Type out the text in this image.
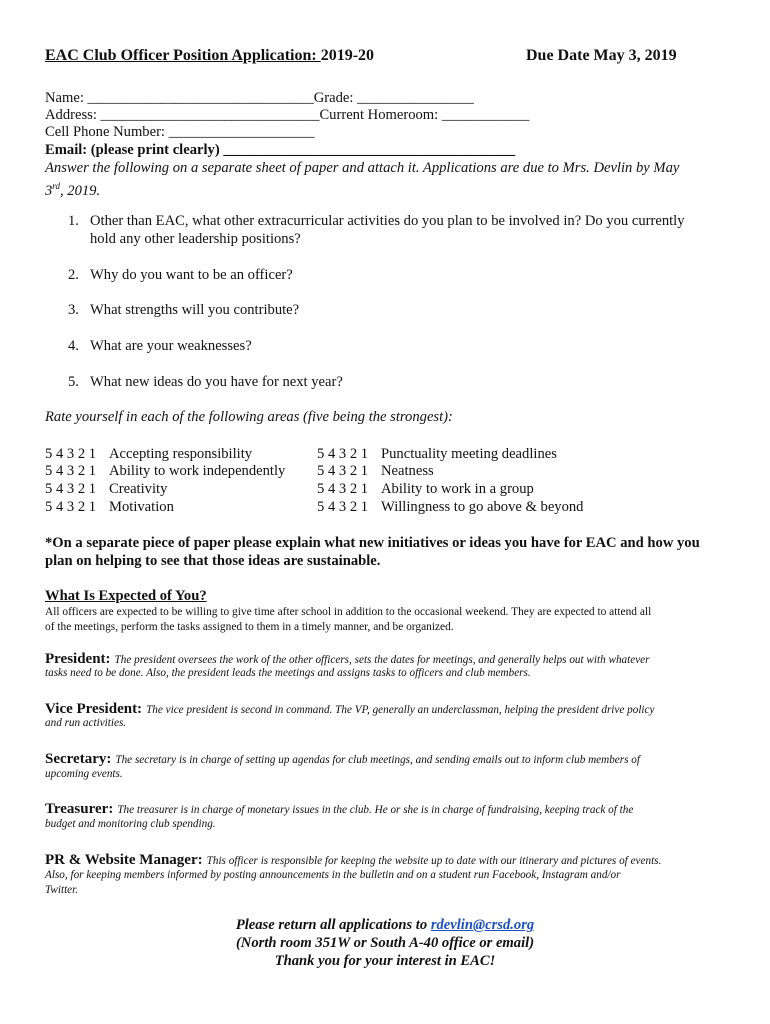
EAC Club Officer Position Application: 2019-20	Due Date May 3, 2019
Name: _______________________________Grade: ________________
Address: ______________________________Current Homeroom: ____________
Cell Phone Number: ____________________
Email: (please print clearly) ________________________________________
Answer the following on a separate sheet of paper and attach it. Applications are due to Mrs. Devlin by May
3rd, 2019.
1. Other than EAC, what other extracurricular activities do you plan to be involved in? Do you currently
hold any other leadership positions?
2. Why do you want to be an officer?
3. What strengths will you contribute?
4. What are your weaknesses?
5. What new ideas do you have for next year?
Rate yourself in each of the following areas (five being the strongest):
5 4 3 2 1 Accepting responsibility
5 4 3 2 1 Ability to work independently
5 4 3 2 1 Creativity
5 4 3 2 1 Motivation
5 4 3 2 1 Punctuality meeting deadlines
5 4 3 2 1 Neatness
5 4 3 2 1 Ability to work in a group
5 4 3 2 1 Willingness to go above & beyond
*On a separate piece of paper please explain what new initiatives or ideas you have for EAC and how you
plan on helping to see that those ideas are sustainable.
What Is Expected of You?
All officers are expected to be willing to give time after school in addition to the occasional weekend. They are expected to attend all
of the meetings, perform the tasks assigned to them in a timely manner, and be organized.
President: The president oversees the work of the other officers, sets the dates for meetings, and generally helps out with whatever
tasks need to be done. Also, the president leads the meetings and assigns tasks to officers and club members.
Vice President: The vice president is second in command. The VP, generally an underclassman, helping the president drive policy
and run activities.
Secretary: The secretary is in charge of setting up agendas for club meetings, and sending emails out to inform club members of
upcoming events.
Treasurer: The treasurer is in charge of monetary issues in the club. He or she is in charge of fundraising, keeping track of the
budget and monitoring club spending.
PR & Website Manager: This officer is responsible for keeping the website up to date with our itinerary and pictures of events.
Also, for keeping members informed by posting announcements in the bulletin and on a student run Facebook, Instagram and/or
Twitter.
Please return all applications to rdevlin@crsd.org
(North room 351W or South A-40 office or email)
Thank you for your interest in EAC!
